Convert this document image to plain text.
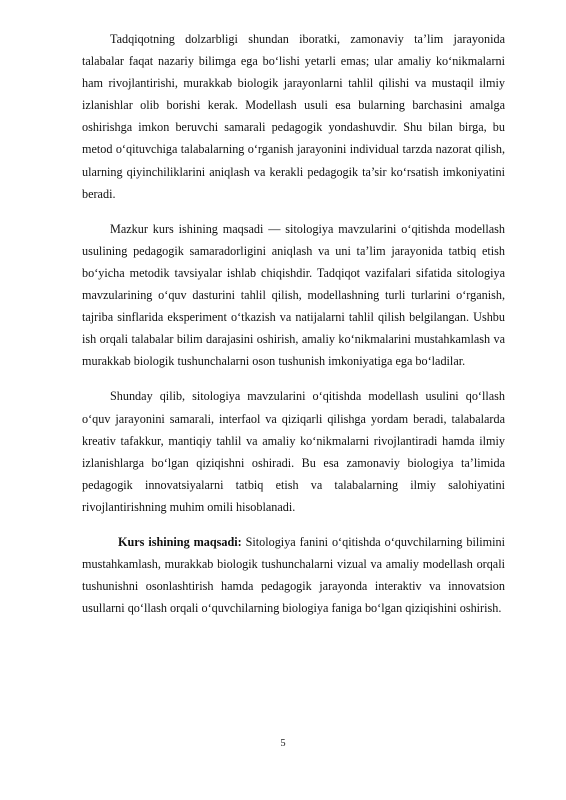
Tadqiqotning dolzarbligi shundan iboratki, zamonaviy ta’lim jarayonida talabalar faqat nazariy bilimga ega bo‘lishi yetarli emas; ular amaliy ko‘nikmalarni ham rivojlantirishi, murakkab biologik jarayonlarni tahlil qilishi va mustaqil ilmiy izlanishlar olib borishi kerak. Modellash usuli esa bularning barchasini amalga oshirishga imkon beruvchi samarali pedagogik yondashuvdir. Shu bilan birga, bu metod o‘qituvchiga talabalarning o‘rganish jarayonini individual tarzda nazorat qilish, ularning qiyinchiliklarini aniqlash va kerakli pedagogik ta’sir ko‘rsatish imkoniyatini beradi.

Mazkur kurs ishining maqsadi — sitologiya mavzularini o‘qitishda modellash usulining pedagogik samaradorligini aniqlash va uni ta’lim jarayonida tatbiq etish bo‘yicha metodik tavsiyalar ishlab chiqishdir. Tadqiqot vazifalari sifatida sitologiya mavzularining o‘quv dasturini tahlil qilish, modellashning turli turlarini o‘rganish, tajriba sinflarida eksperiment o‘tkazish va natijalarni tahlil qilish belgilangan. Ushbu ish orqali talabalar bilim darajasini oshirish, amaliy ko‘nikmalarini mustahkamlash va murakkab biologik tushunchalarni oson tushunish imkoniyatiga ega bo‘ladilar.

Shunday qilib, sitologiya mavzularini o‘qitishda modellash usulini qo‘llash o‘quv jarayonini samarali, interfaol va qiziqarli qilishga yordam beradi, talabalarda kreativ tafakkur, mantiqiy tahlil va amaliy ko‘nikmalarni rivojlantiradi hamda ilmiy izlanishlarga bo‘lgan qiziqishni oshiradi. Bu esa zamonaviy biologiya ta’limida pedagogik innovatsiyalarni tatbiq etish va talabalarning ilmiy salohiyatini rivojlantirishning muhim omili hisoblanadi.

Kurs ishining maqsadi: Sitologiya fanini o‘qitishda o‘quvchilarning bilimini mustahkamlash, murakkab biologik tushunchalarni vizual va amaliy modellash orqali tushunishni osonlashtirish hamda pedagogik jarayonda interaktiv va innovatsion usullarni qo‘llash orqali o‘quvchilarning biologiya faniga bo‘lgan qiziqishini oshirish.

5
